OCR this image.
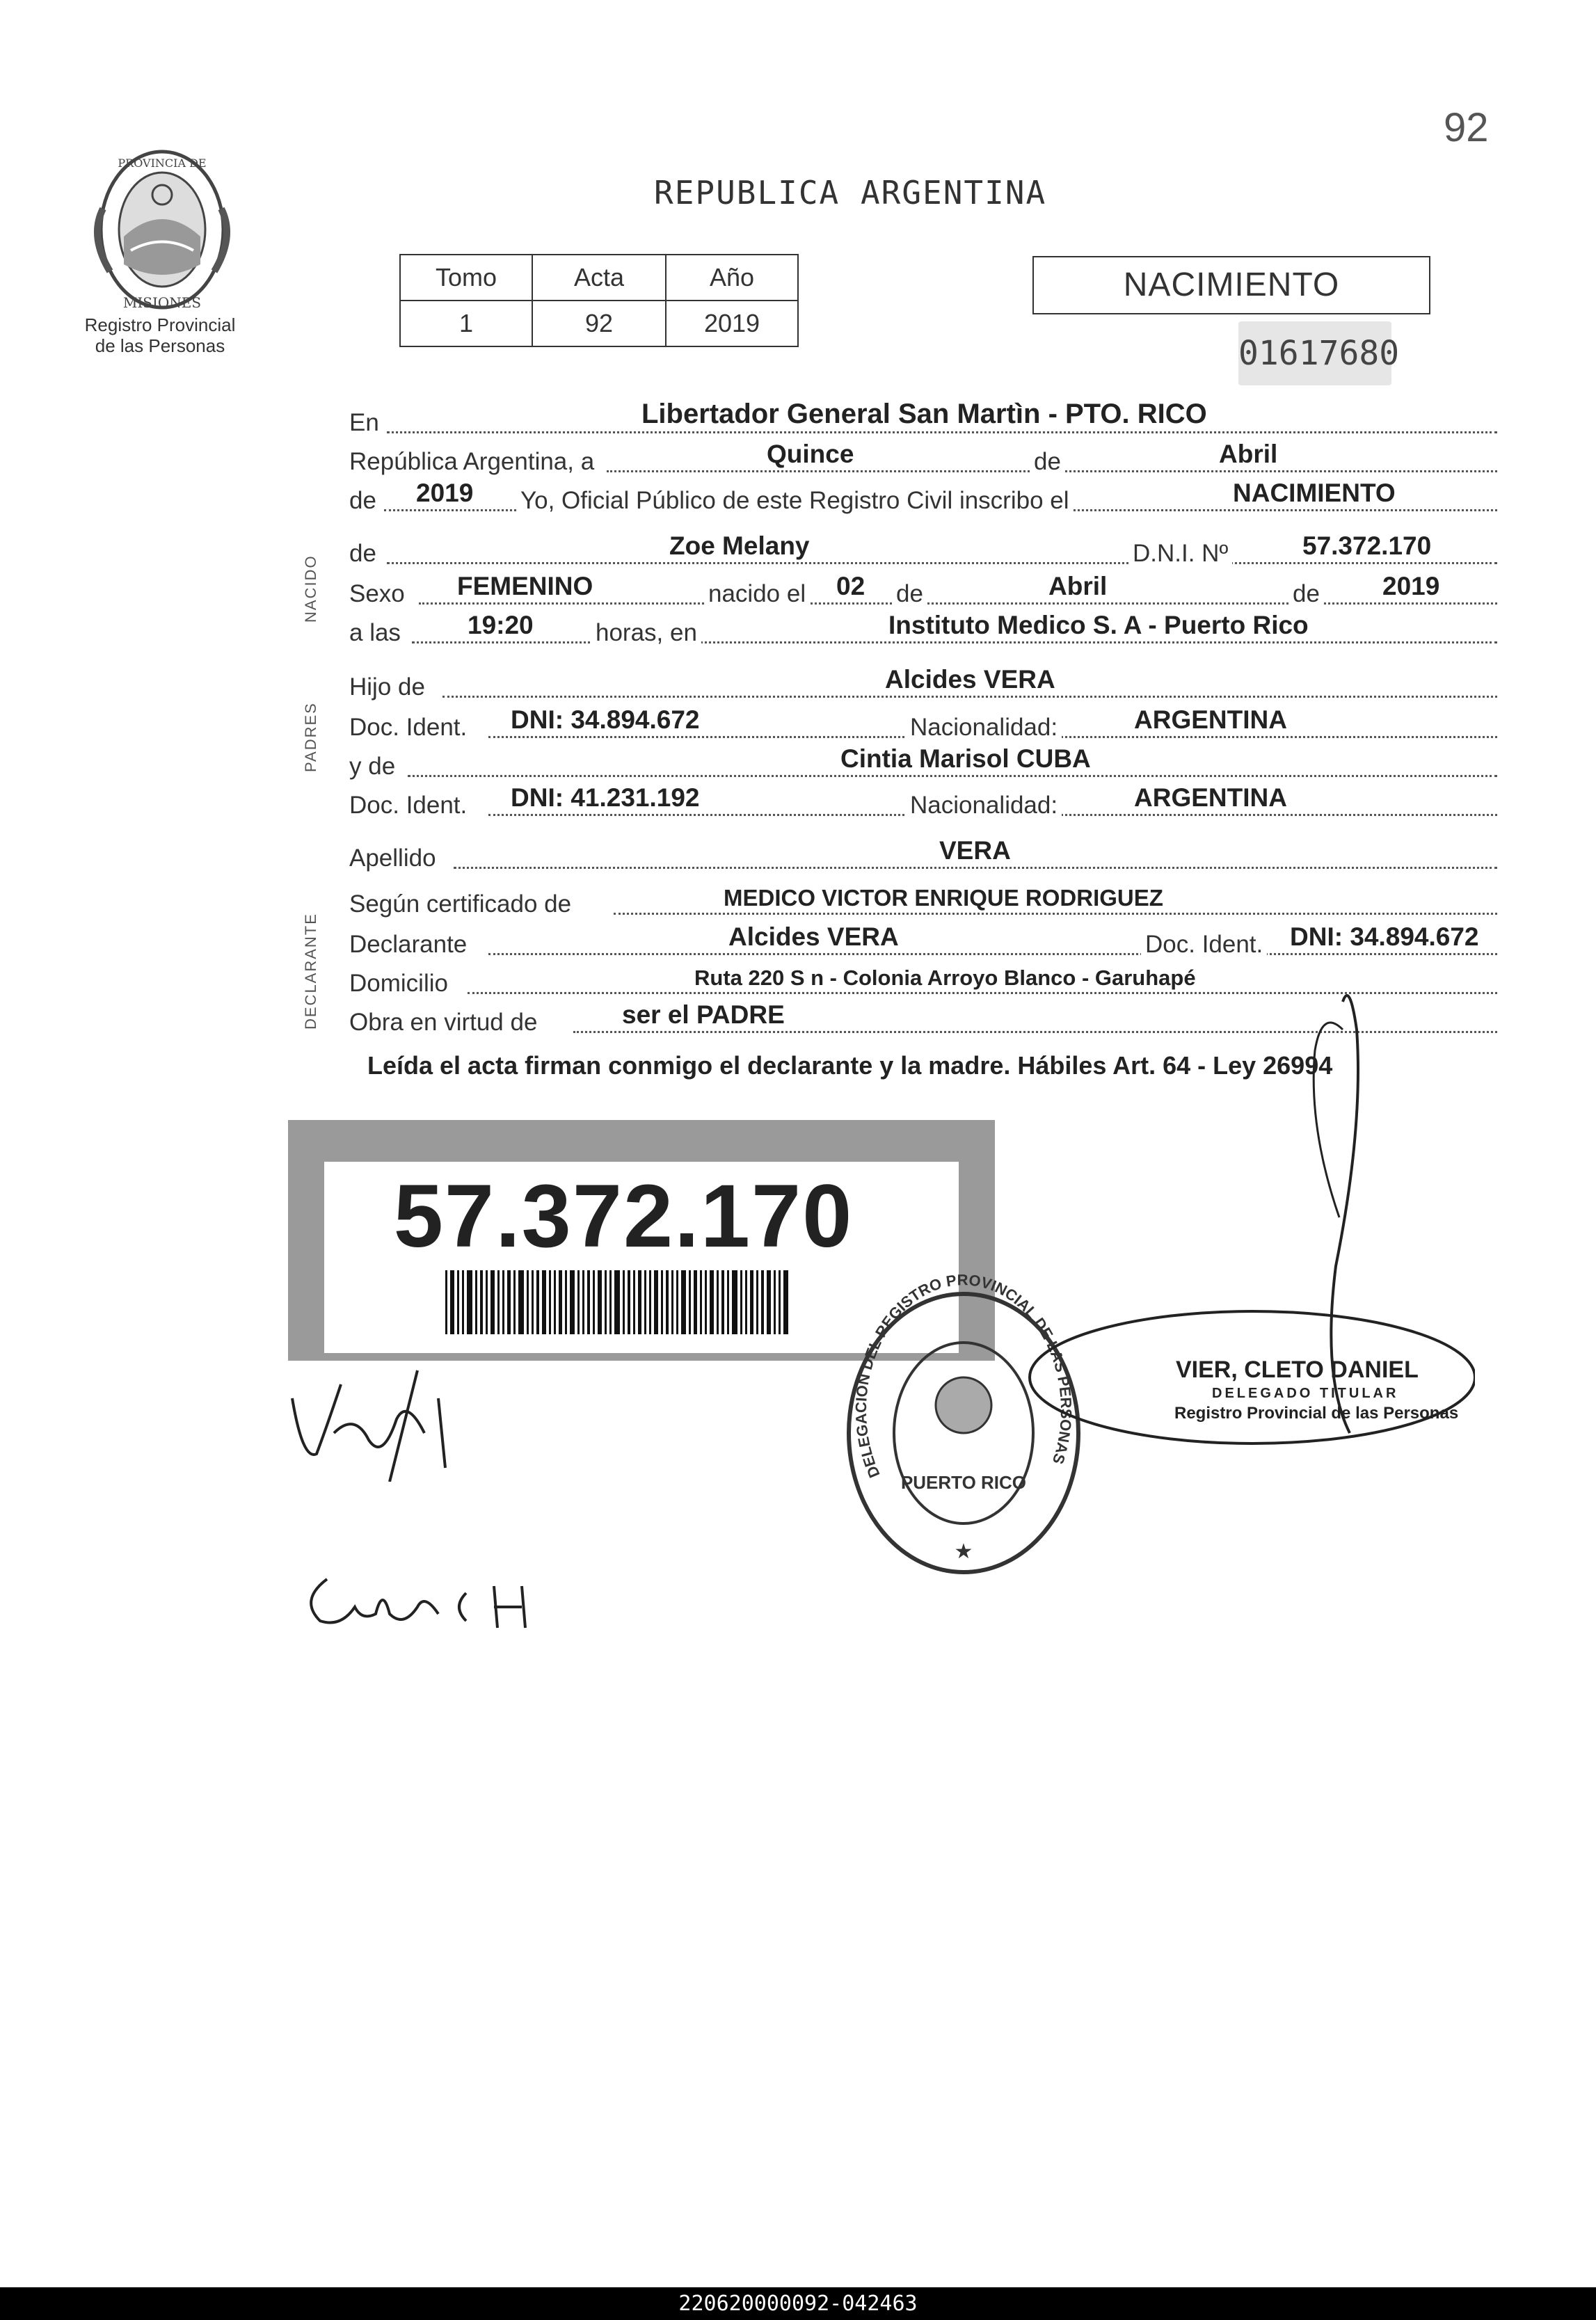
92
PROVINCIA DE
MISIONES
Registro Provincial
de las Personas
REPUBLICA ARGENTINA
Tomo	Acta	Año
1	92	2019
NACIMIENTO
01617680
NACIDO
PADRES
DECLARANTE
En	Libertador General San Martìn - PTO. RICO
República Argentina, a	Quince	de	Abril
de 2019 Yo, Oficial Público de este Registro Civil inscribo el	NACIMIENTO
de	Zoe Melany	D.N.I. Nº	57.372.170
Sexo FEMENINO	nacido el 02 de	Abril	de 2019
a las	19:20	horas, en	Instituto Medico S. A - Puerto Rico
Hijo de	Alcides VERA
Doc. Ident. DNI: 34.894.672	Nacionalidad:	ARGENTINA
y de	Cintia Marisol CUBA
Doc. Ident. DNI: 41.231.192	Nacionalidad:	ARGENTINA
Apellido	VERA
Según certificado de	MEDICO VICTOR ENRIQUE RODRIGUEZ
Declarante	Alcides VERA	Doc. Ident. DNI: 34.894.672
Domicilio	Ruta 220 S n - Colonia Arroyo Blanco - Garuhapé
Obra en virtud de	ser el PADRE
Leída el acta firman conmigo el declarante y la madre. Hábiles Art. 64 - Ley 26994
57.372.170
DELEGACION DEL REGISTRO PROVINCIAL DE LAS PERSONAS
PUERTO RICO
★
VIER, CLETO DANIEL
DELEGADO TITULAR
Registro Provincial de las Personas
220620000092-042463
